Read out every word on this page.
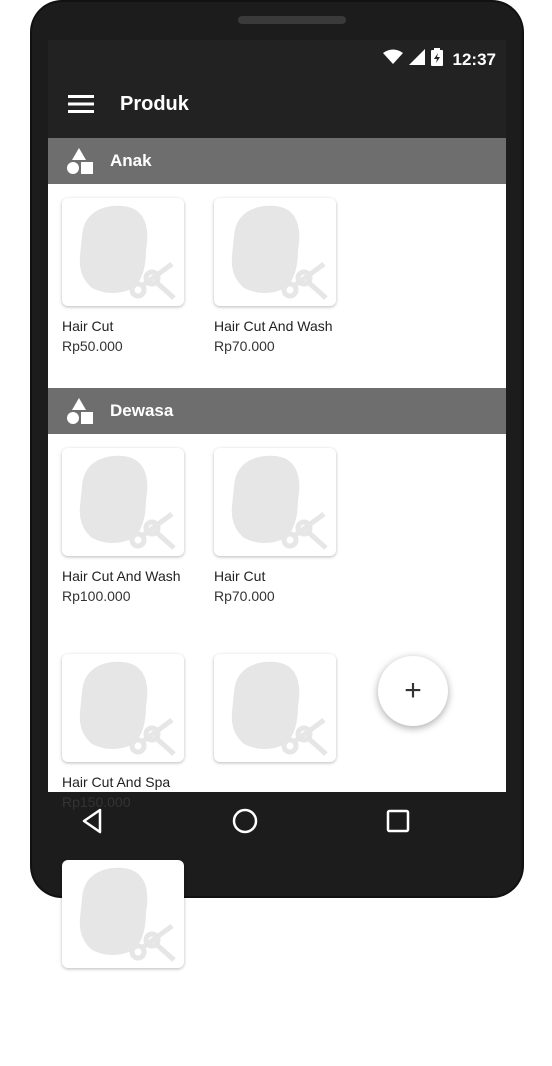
12:37
Produk
Anak
Hair Cut
Rp50.000
Hair Cut And Wash
Rp70.000
Dewasa
Hair Cut And Wash
Rp100.000
Hair Cut
Rp70.000
Hair Cut And Spa
Rp150.000
+
